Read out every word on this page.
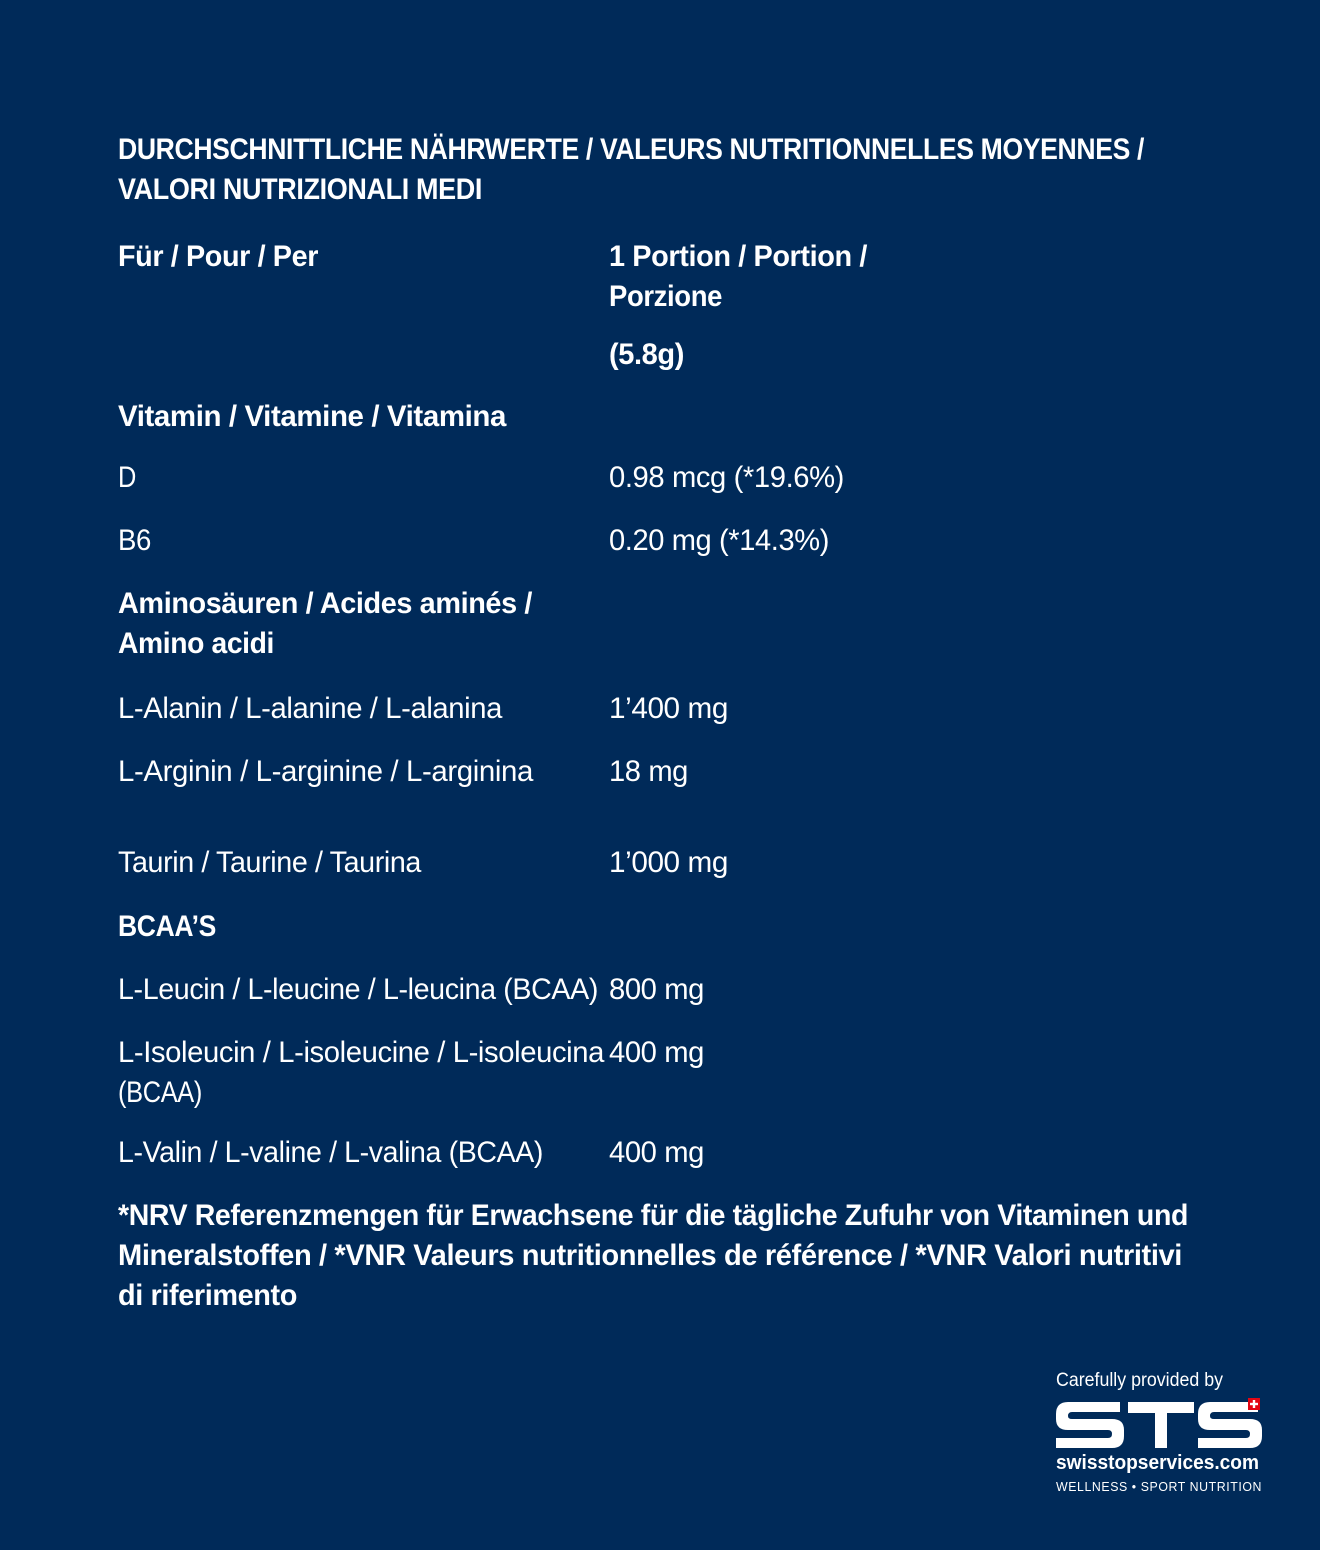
DURCHSCHNITTLICHE NÄHRWERTE / VALEURS NUTRITIONNELLES MOYENNES /
VALORI NUTRIZIONALI MEDI
Für / Pour / Per	1 Portion / Portion /
Porzione
(5.8g)
Vitamin / Vitamine / Vitamina
D	0.98 mcg (*19.6%)
B6	0.20 mg (*14.3%)
Aminosäuren / Acides aminés /
Amino acidi
L-Alanin / L-alanine / L-alanina	1’400 mg
L-Arginin / L-arginine / L-arginina	18 mg
Taurin / Taurine / Taurina	1’000 mg
BCAA’S
L-Leucin / L-leucine / L-leucina (BCAA) 800 mg
L-Isoleucin / L-isoleucine / L-isoleucina
(BCAA)
400 mg
L-Valin / L-valine / L-valina (BCAA)	400 mg
*NRV Referenzmengen für Erwachsene für die tägliche Zufuhr von Vitaminen und
Mineralstoffen / *VNR Valeurs nutritionnelles de référence / *VNR Valori nutritivi
di riferimento
Carefully provided by
swisstopservices.com
WELLNESS • SPORT NUTRITION
